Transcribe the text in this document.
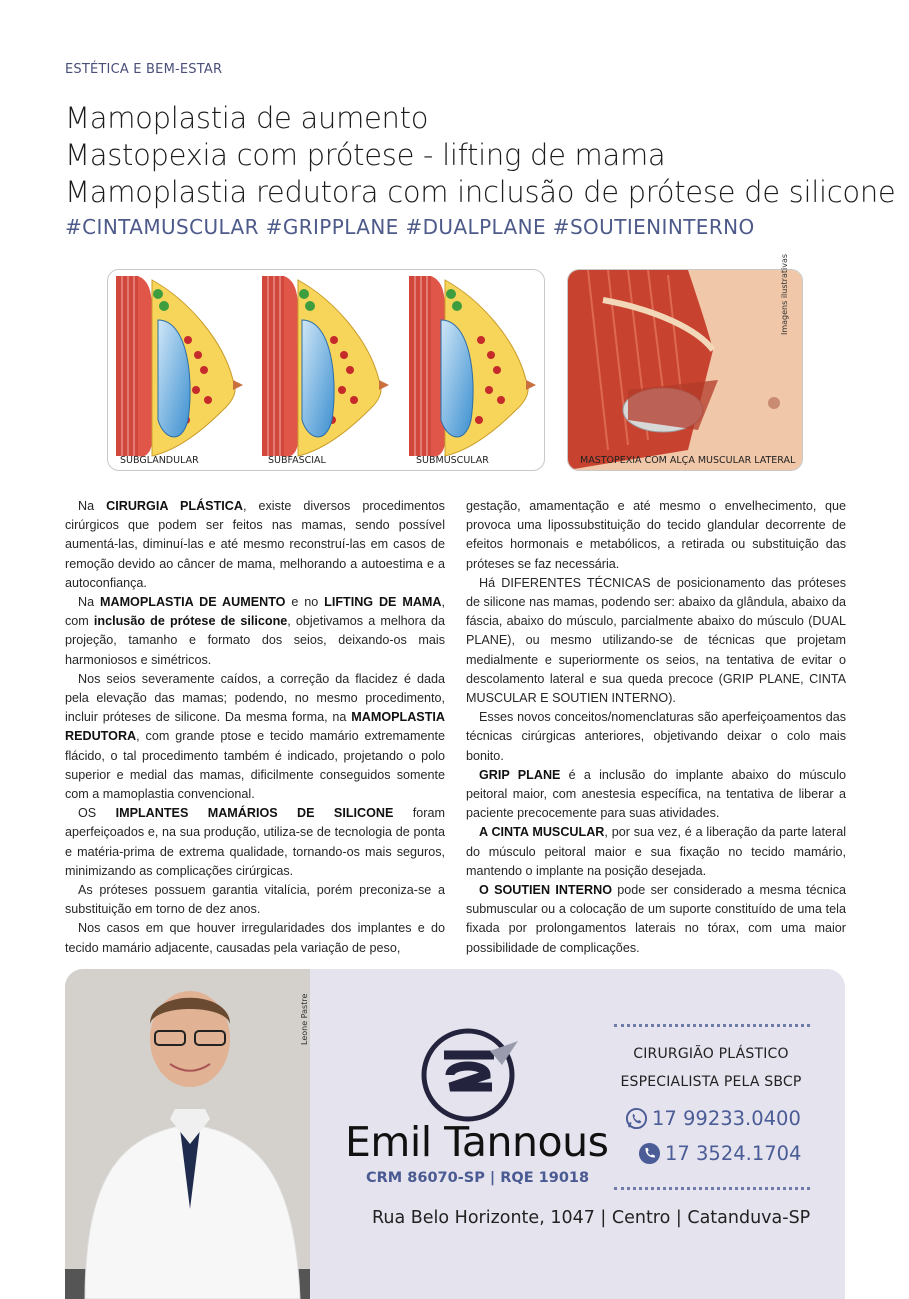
ESTÉTICA E BEM-ESTAR
Mamoplastia de aumento
Mastopexia com prótese - lifting de mama
Mamoplastia redutora com inclusão de prótese de silicone
#CINTAMUSCULAR #GRIPPLANE #DUALPLANE #SOUTIENINTERNO
SUBGLANDULAR	SUBFASCIAL	SUBMUSCULAR	MASTOPEXIA COM ALÇA MUSCULAR LATERAL
Imagens ilustrativas

Na CIRURGIA PLÁSTICA, existe diversos procedimentos cirúrgicos que podem ser feitos nas mamas, sendo possível aumentá-las, diminuí-las e até mesmo reconstruí-las em casos de remoção devido ao câncer de mama, melhorando a autoestima e a autoconfiança.

Na MAMOPLASTIA DE AUMENTO e no LIFTING DE MAMA, com inclusão de prótese de silicone, objetivamos a melhora da projeção, tamanho e formato dos seios, deixando-os mais harmoniosos e simétricos.

Nos seios severamente caídos, a correção da flacidez é dada pela elevação das mamas; podendo, no mesmo procedimento, incluir próteses de silicone. Da mesma forma, na MAMOPLASTIA REDUTORA, com grande ptose e tecido mamário extremamente flácido, o tal procedimento também é indicado, projetando o polo superior e medial das mamas, dificilmente conseguidos somente com a mamoplastia convencional.

OS IMPLANTES MAMÁRIOS DE SILICONE foram aperfeiçoados e, na sua produção, utiliza-se de tecnologia de ponta e matéria-prima de extrema qualidade, tornando-os mais seguros, minimizando as complicações cirúrgicas.

As próteses possuem garantia vitalícia, porém preconiza-se a substituição em torno de dez anos.

Nos casos em que houver irregularidades dos implantes e do tecido mamário adjacente, causadas pela variação de peso,

gestação, amamentação e até mesmo o envelhecimento, que provoca uma lipossubstituição do tecido glandular decorrente de efeitos hormonais e metabólicos, a retirada ou substituição das próteses se faz necessária.

Há DIFERENTES TÉCNICAS de posicionamento das próteses de silicone nas mamas, podendo ser: abaixo da glândula, abaixo da fáscia, abaixo do músculo, parcialmente abaixo do músculo (DUAL PLANE), ou mesmo utilizando-se de técnicas que projetam medialmente e superiormente os seios, na tentativa de evitar o descolamento lateral e sua queda precoce (GRIP PLANE, CINTA MUSCULAR E SOUTIEN INTERNO).

Esses novos conceitos/nomenclaturas são aperfeiçoamentos das técnicas cirúrgicas anteriores, objetivando deixar o colo mais bonito.

GRIP PLANE é a inclusão do implante abaixo do músculo peitoral maior, com anestesia específica, na tentativa de liberar a paciente precocemente para suas atividades.

A CINTA MUSCULAR, por sua vez, é a liberação da parte lateral do músculo peitoral maior e sua fixação no tecido mamário, mantendo o implante na posição desejada.

O SOUTIEN INTERNO pode ser considerado a mesma técnica submuscular ou a colocação de um suporte constituído de uma tela fixada por prolongamentos laterais no tórax, com uma maior possibilidade de complicações.

Leone Pastre
Emil Tannous
CRM 86070-SP | RQE 19018
CIRURGIÃO PLÁSTICO
ESPECIALISTA PELA SBCP
17 99233.0400
17 3524.1704
Rua Belo Horizonte, 1047 | Centro | Catanduva-SP
